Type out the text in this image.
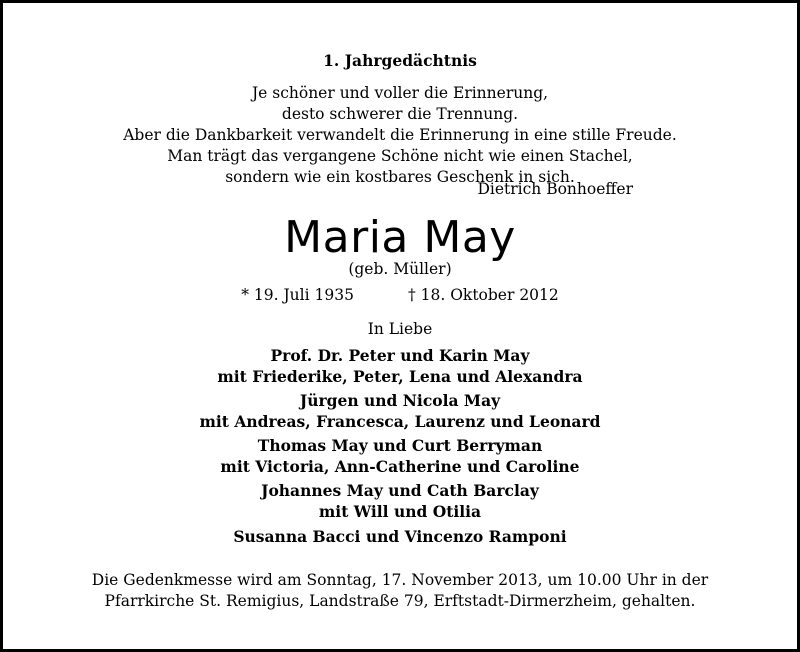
1. Jahrgedächtnis
Je schöner und voller die Erinnerung,
desto schwerer die Trennung.
Aber die Dankbarkeit verwandelt die Erinnerung in eine stille Freude.
Man trägt das vergangene Schöne nicht wie einen Stachel,
sondern wie ein kostbares Geschenk in sich.
Dietrich Bonhoeffer
Maria May
(geb. Müller)
* 19. Juli 1935	† 18. Oktober 2012
In Liebe
Prof. Dr. Peter und Karin May
mit Friederike, Peter, Lena und Alexandra
Jürgen und Nicola May
mit Andreas, Francesca, Laurenz und Leonard
Thomas May und Curt Berryman
mit Victoria, Ann-Catherine und Caroline
Johannes May und Cath Barclay
mit Will und Otilia
Susanna Bacci und Vincenzo Ramponi
Die Gedenkmesse wird am Sonntag, 17. November 2013, um 10.00 Uhr in der
Pfarrkirche St. Remigius, Landstraße 79, Erftstadt-Dirmerzheim, gehalten.
